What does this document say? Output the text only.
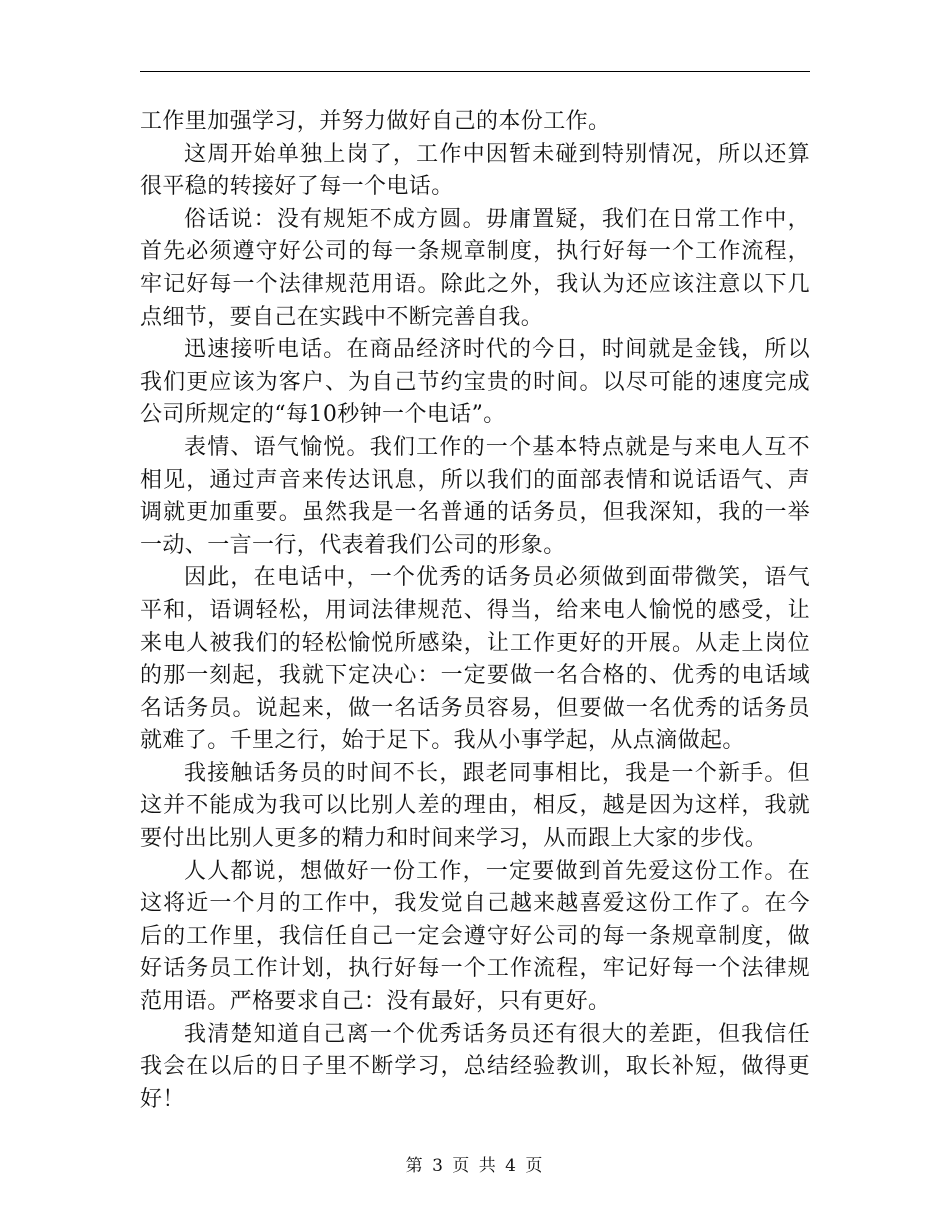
工作里加强学习，并努力做好自己的本份工作。

这周开始单独上岗了，工作中因暂未碰到特别情况，所以还算很平稳的转接好了每一个电话。

俗话说：没有规矩不成方圆。毋庸置疑，我们在日常工作中，首先必须遵守好公司的每一条规章制度，执行好每一个工作流程，牢记好每一个法律规范用语。除此之外，我认为还应该注意以下几点细节，要自己在实践中不断完善自我。

迅速接听电话。在商品经济时代的今日，时间就是金钱，所以我们更应该为客户、为自己节约宝贵的时间。以尽可能的速度完成公司所规定的“每10秒钟一个电话”。

表情、语气愉悦。我们工作的一个基本特点就是与来电人互不相见，通过声音来传达讯息，所以我们的面部表情和说话语气、声调就更加重要。虽然我是一名普通的话务员，但我深知，我的一举一动、一言一行，代表着我们公司的形象。

因此，在电话中，一个优秀的话务员必须做到面带微笑，语气平和，语调轻松，用词法律规范、得当，给来电人愉悦的感受，让来电人被我们的轻松愉悦所感染，让工作更好的开展。从走上岗位的那一刻起，我就下定决心：一定要做一名合格的、优秀的电话域名话务员。说起来，做一名话务员容易，但要做一名优秀的话务员就难了。千里之行，始于足下。我从小事学起，从点滴做起。

我接触话务员的时间不长，跟老同事相比，我是一个新手。但这并不能成为我可以比别人差的理由，相反，越是因为这样，我就要付出比别人更多的精力和时间来学习，从而跟上大家的步伐。

人人都说，想做好一份工作，一定要做到首先爱这份工作。在这将近一个月的工作中，我发觉自己越来越喜爱这份工作了。在今后的工作里，我信任自己一定会遵守好公司的每一条规章制度，做好话务员工作计划，执行好每一个工作流程，牢记好每一个法律规范用语。严格要求自己：没有最好，只有更好。

我清楚知道自己离一个优秀话务员还有很大的差距，但我信任我会在以后的日子里不断学习，总结经验教训，取长补短，做得更好！

第 3 页 共 4 页
